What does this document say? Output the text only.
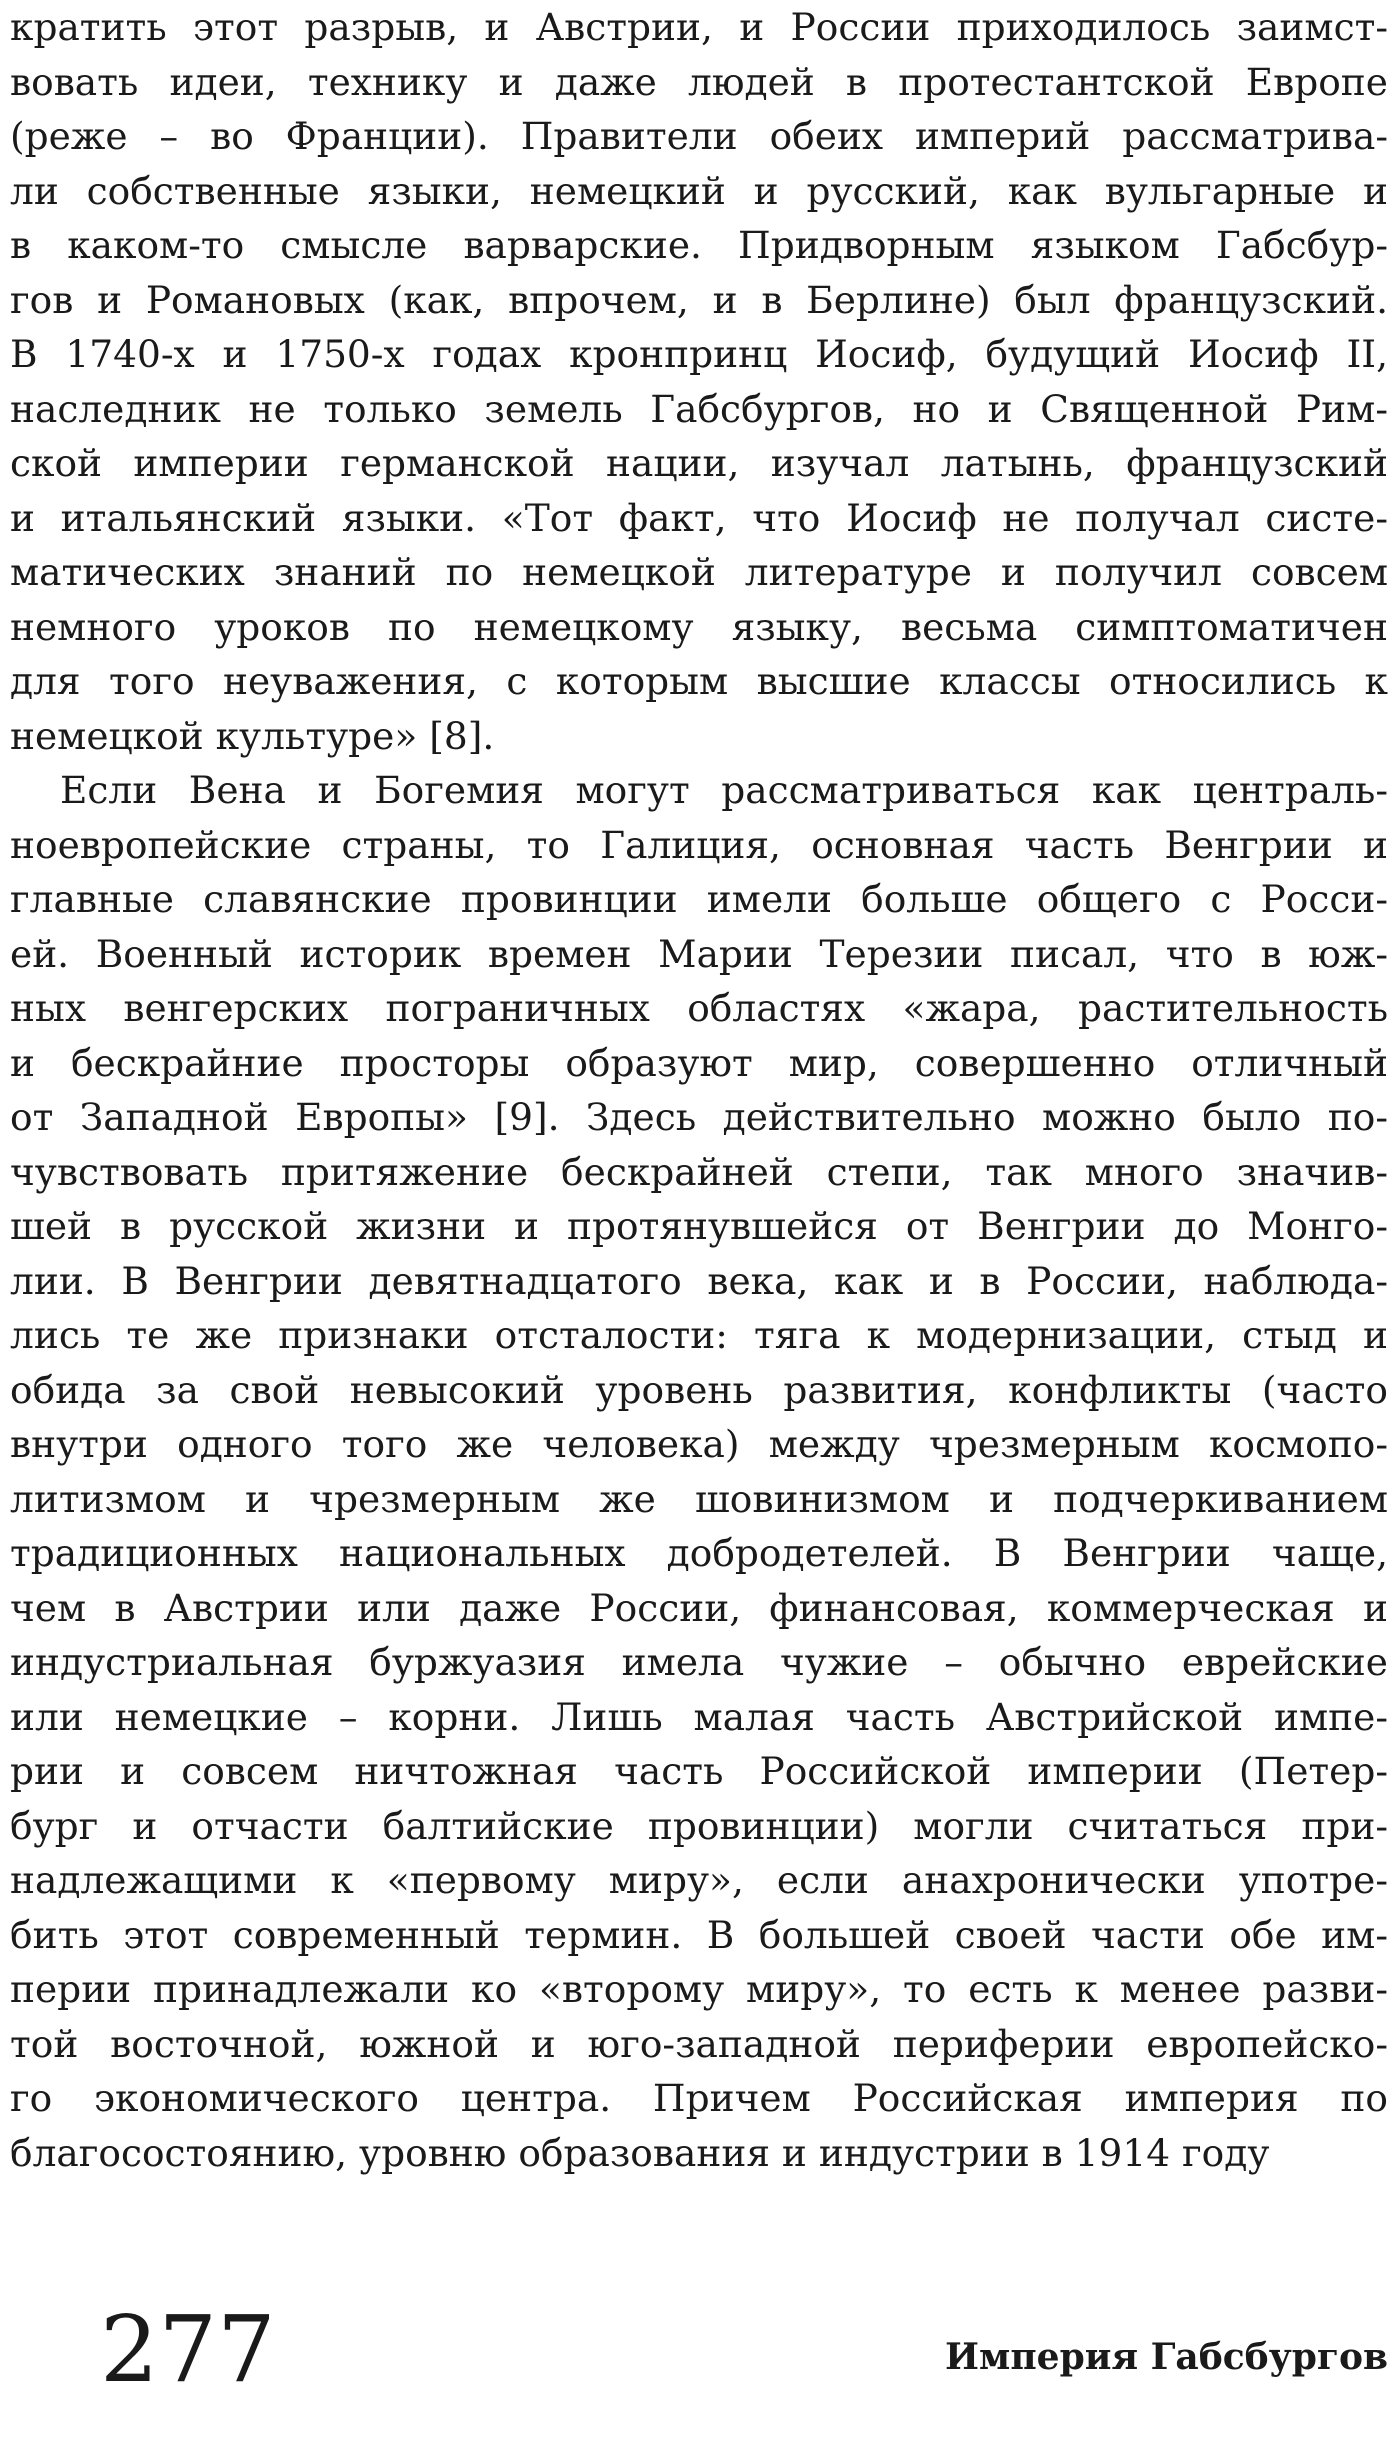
кратить этот разрыв, и Австрии, и России приходилось заимст-
вовать идеи, технику и даже людей в протестантской Европе
(реже – во Франции). Правители обеих империй рассматрива-
ли собственные языки, немецкий и русский, как вульгарные и
в каком-то смысле варварские. Придворным языком Габсбур-
гов и Романовых (как, впрочем, и в Берлине) был французский.
В 1740-х и 1750-х годах кронпринц Иосиф, будущий Иосиф II,
наследник не только земель Габсбургов, но и Священной Рим-
ской империи германской нации, изучал латынь, французский
и итальянский языки. «Тот факт, что Иосиф не получал систе-
матических знаний по немецкой литературе и получил совсем
немного уроков по немецкому языку, весьма симптоматичен
для того неуважения, с которым высшие классы относились к
немецкой культуре» [8].
Если Вена и Богемия могут рассматриваться как централь-
ноевропейские страны, то Галиция, основная часть Венгрии и
главные славянские провинции имели больше общего с Росси-
ей. Военный историк времен Марии Терезии писал, что в юж-
ных венгерских пограничных областях «жара, растительность
и бескрайние просторы образуют мир, совершенно отличный
от Западной Европы» [9]. Здесь действительно можно было по-
чувствовать притяжение бескрайней степи, так много значив-
шей в русской жизни и протянувшейся от Венгрии до Монго-
лии. В Венгрии девятнадцатого века, как и в России, наблюда-
лись те же признаки отсталости: тяга к модернизации, стыд и
обида за свой невысокий уровень развития, конфликты (часто
внутри одного того же человека) между чрезмерным космопо-
литизмом и чрезмерным же шовинизмом и подчеркиванием
традиционных национальных добродетелей. В Венгрии чаще,
чем в Австрии или даже России, финансовая, коммерческая и
индустриальная буржуазия имела чужие – обычно еврейские
или немецкие – корни. Лишь малая часть Австрийской импе-
рии и совсем ничтожная часть Российской империи (Петер-
бург и отчасти балтийские провинции) могли считаться при-
надлежащими к «первому миру», если анахронически употре-
бить этот современный термин. В большей своей части обе им-
перии принадлежали ко «второму миру», то есть к менее разви-
той восточной, южной и юго-западной периферии европейско-
го экономического центра. Причем Российская империя по
благосостоянию, уровню образования и индустрии в 1914 году
277	Империя Габсбургов
